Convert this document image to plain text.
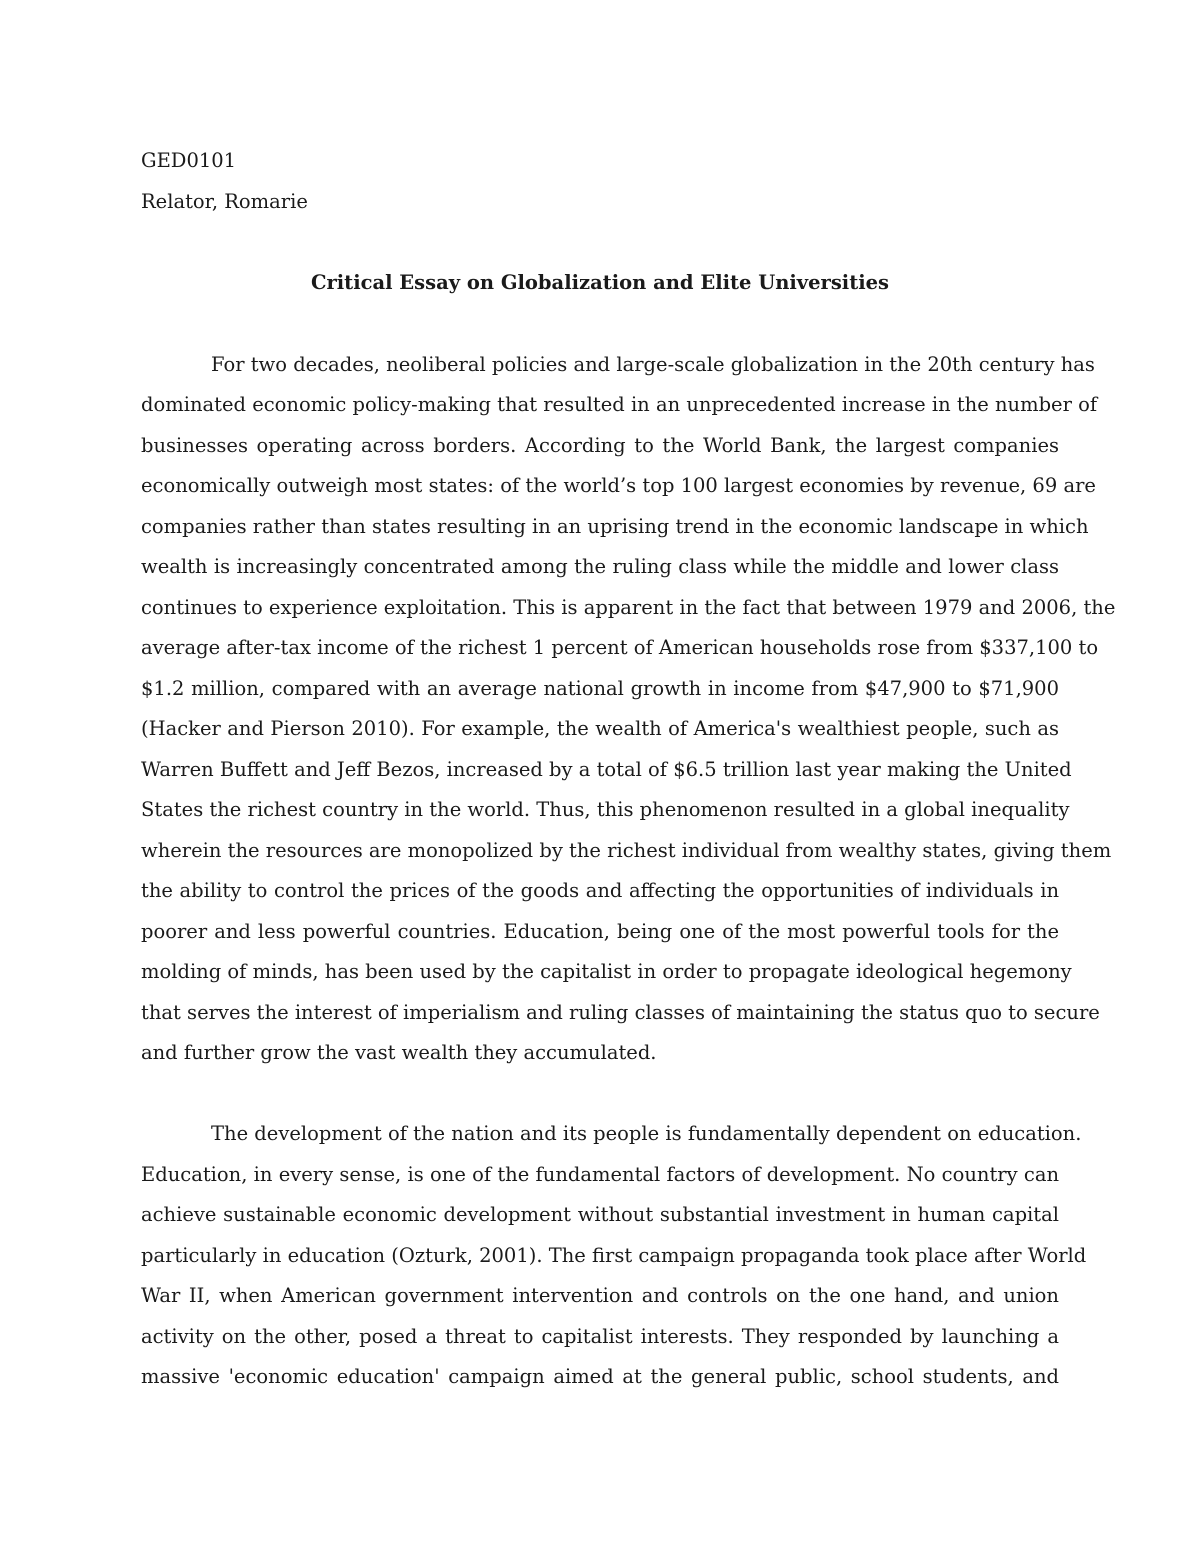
GED0101

Relator, Romarie

Critical Essay on Globalization and Elite Universities

For two decades, neoliberal policies and large-scale globalization in the 20th century has
dominated economic policy-making that resulted in an unprecedented increase in the number of
businesses operating across borders. According to the World Bank, the largest companies
economically outweigh most states: of the world’s top 100 largest economies by revenue, 69 are
companies rather than states resulting in an uprising trend in the economic landscape in which
wealth is increasingly concentrated among the ruling class while the middle and lower class
continues to experience exploitation. This is apparent in the fact that between 1979 and 2006, the
average after-tax income of the richest 1 percent of American households rose from $337,100 to
$1.2 million, compared with an average national growth in income from $47,900 to $71,900
(Hacker and Pierson 2010). For example, the wealth of America's wealthiest people, such as
Warren Buffett and Jeff Bezos, increased by a total of $6.5 trillion last year making the United
States the richest country in the world. Thus, this phenomenon resulted in a global inequality
wherein the resources are monopolized by the richest individual from wealthy states, giving them
the ability to control the prices of the goods and affecting the opportunities of individuals in
poorer and less powerful countries. Education, being one of the most powerful tools for the
molding of minds, has been used by the capitalist in order to propagate ideological hegemony
that serves the interest of imperialism and ruling classes of maintaining the status quo to secure
and further grow the vast wealth they accumulated.
The development of the nation and its people is fundamentally dependent on education.
Education, in every sense, is one of the fundamental factors of development. No country can
achieve sustainable economic development without substantial investment in human capital
particularly in education (Ozturk, 2001). The first campaign propaganda took place after World
War II, when American government intervention and controls on the one hand, and union
activity on the other, posed a threat to capitalist interests. They responded by launching a
massive 'economic education' campaign aimed at the general public, school students, and
